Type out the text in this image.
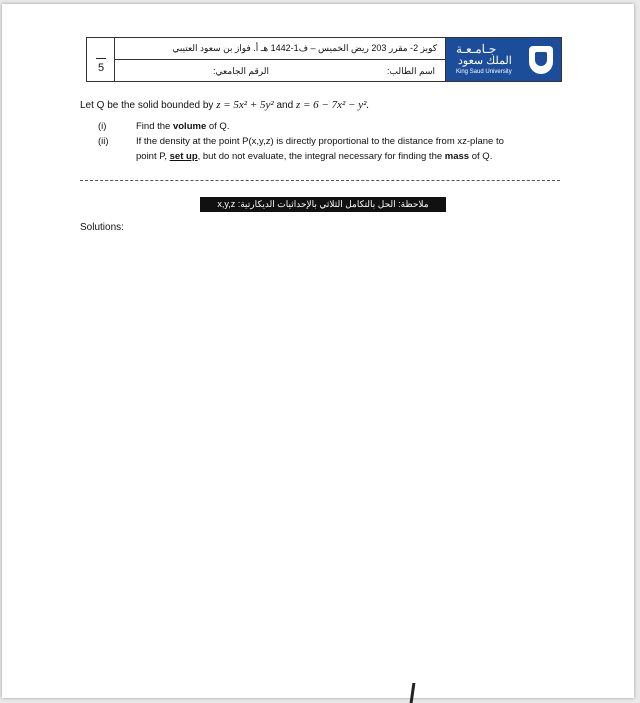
5
كويز 2- مقرر 203 ريض الخميس – ف1-1442 هـ أ. فواز بن سعود العتيبي
اسم الطالب:
الرقم الجامعي:
جـامـعـة
الملك سعود
King Saud University
Let Q be the solid bounded by z = 5x² + 5y² and z = 6 − 7x² − y².
(i)	Find the volume of Q.
(ii)	If the density at the point P(x,y,z) is directly proportional to the distance from xz-plane to
point P, set up, but do not evaluate, the integral necessary for finding the mass of Q.
ملاحظة: الحل بالتكامل الثلاثي بالإحداثيات الديكارتية: x,y,z
Solutions:
